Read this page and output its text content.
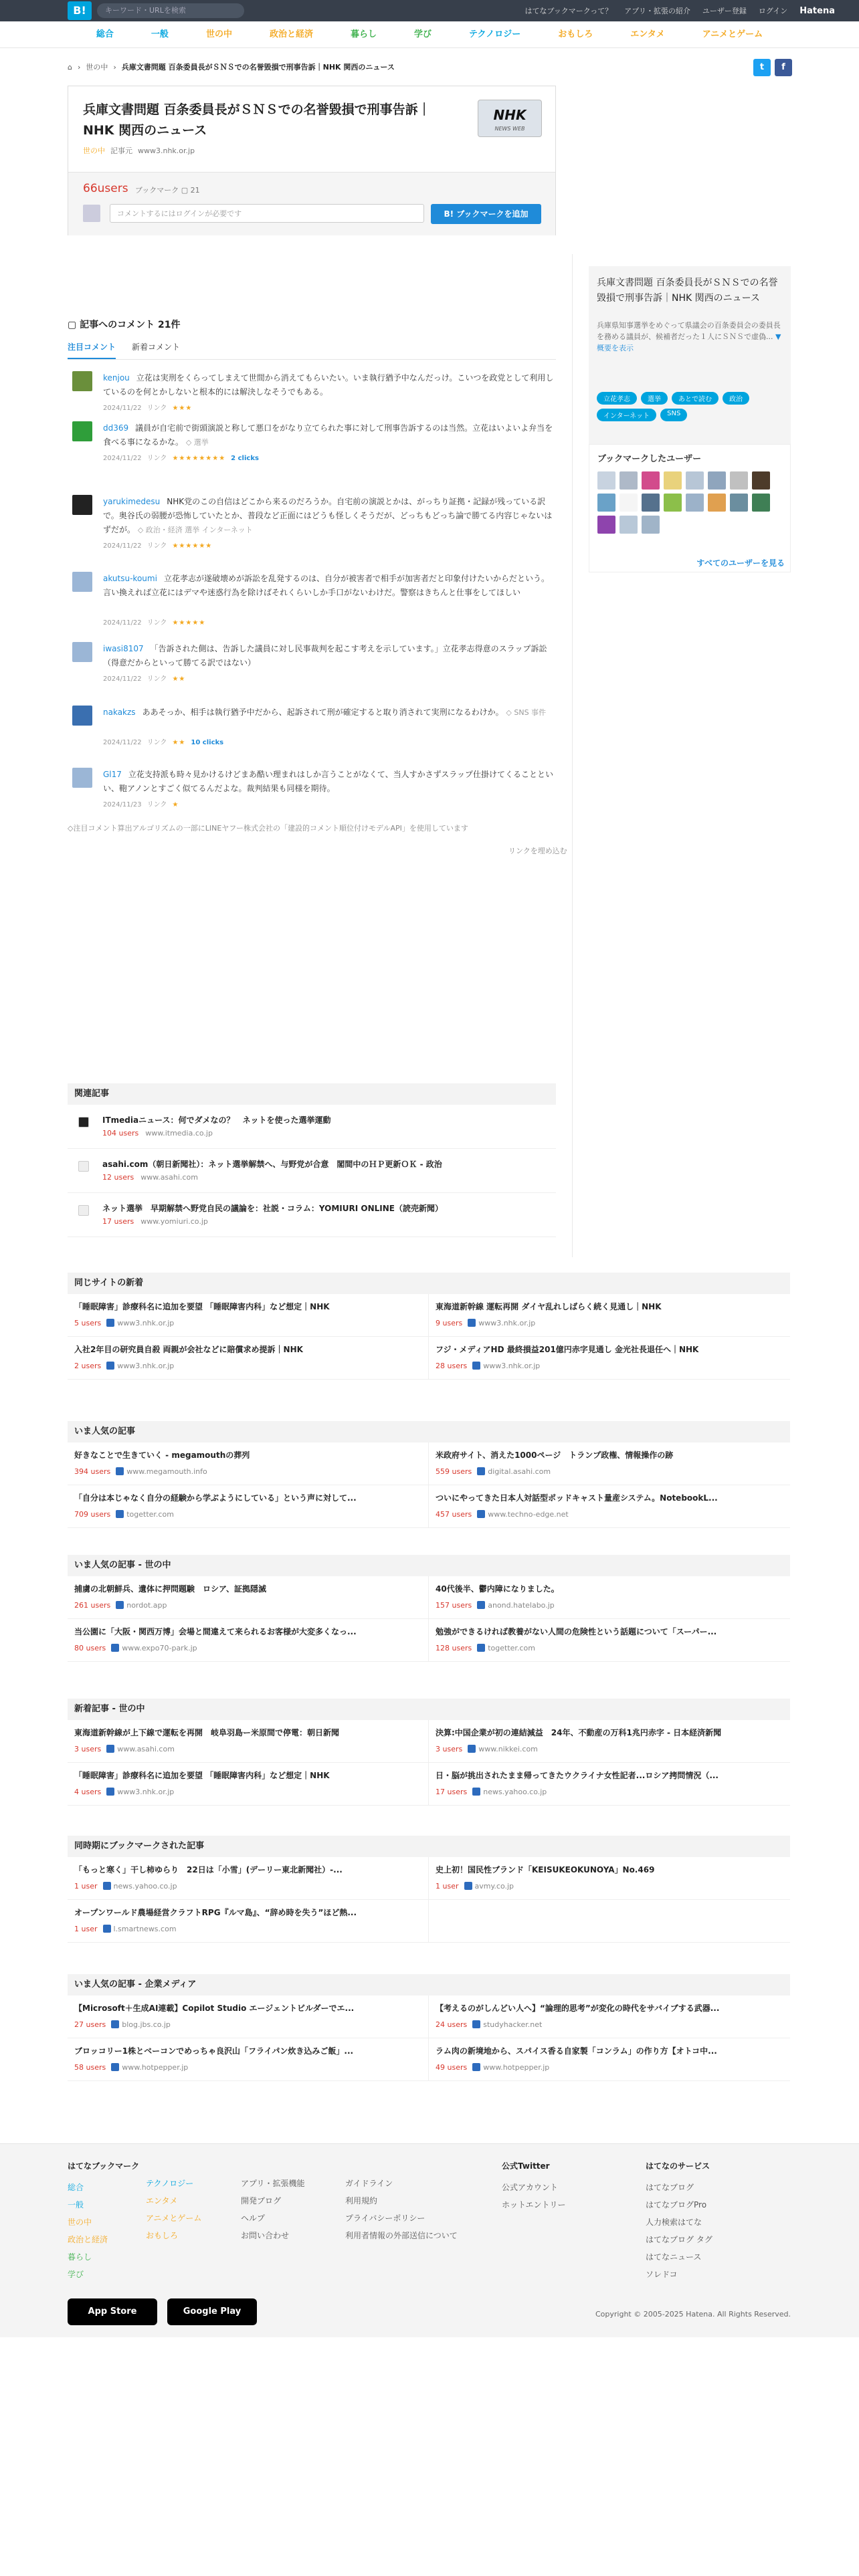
B!	キーワード・URLを検索	はてなブックマークって？ アプリ・拡張の紹介 ユーザー登録 ログイン Hatena
総合	一般	世の中	政治と経済	暮らし	学び	テクノロジー	おもしろ	エンタメ	アニメとゲーム
⌂ › 世の中 › 兵庫文書問題 百条委員長がＳＮＳでの名誉毀損で刑事告訴｜NHK 関西のニュース	t	f
兵庫文書問題 百条委員長がＳＮＳでの名誉毀損で刑事告訴｜NHK 関西のニュース
NHK
NEWS WEB
世の中 記事元 www3.nhk.or.jp
66users ブックマーク ▢ 21
コメントするにはログインが必要です	B! ブックマークを追加
兵庫文書問題 百条委員長がＳＮＳでの名誉毀損で刑事告訴｜NHK 関西のニュース
兵庫県知事選挙をめぐって県議会の百条委員会の委員長を務める議員が、候補者だった１人にＳＮＳで虚偽... ▼ 概要を表示
立花孝志	選挙	あとで読む	政治
インターネット	SNS
ブックマークしたユーザー
すべてのユーザーを見る
▢ 記事へのコメント 21件
注目コメント 新着コメント
kenjou 立花は実刑をくらってしまえて世間から消えてもらいたい。いま執行猶予中なんだっけ。こいつを政党として利用しているのを何とかしないと根本的には解決しなそうでもある。
2024/11/22 リンク ★★★
dd369 議員が自宅前で街頭演説と称して悪口をがなり立てられた事に対して刑事告訴するのは当然。立花はいよいよ弁当を食べる事になるかな。 ◇ 選挙
2024/11/22 リンク ★★★★★★★★ 2 clicks
yarukimedesu NHK党のこの自信はどこから来るのだろうか。自宅前の演説とかは、がっちり証拠・記録が残っている訳で。奥谷氏の弱腰が恐怖していたとか、普段など正面にはどうも怪しくそうだが、どっちもどっち論で勝てる内容じゃないはずだが。 ◇ 政治・経済 選挙 インターネット
2024/11/22 リンク ★★★★★★
akutsu-koumi 立花孝志が遂破壊めが訴訟を乱発するのは、自分が被害者で相手が加害者だと印象付けたいからだという。言い換えれば立花にはデマや迷惑行為を除けばそれくらいしか手口がないわけだ。警察はきちんと仕事をしてほしい
2024/11/22 リンク ★★★★★
iwasi8107 「告訴された側は、告訴した議員に対し民事裁判を起こす考えを示しています。」立花孝志得意のスラップ訴訟（得意だからといって勝てる訳ではない）
2024/11/22 リンク ★★
nakakzs ああそっか、相手は執行猶予中だから、起訴されて刑が確定すると取り消されて実刑になるわけか。 ◇ SNS 事件
2024/11/22 リンク ★★ 10 clicks
Gl17 立花支持派も時々見かけるけどまあ酷い理まれはしか言うことがなくて、当人すかさずスラップ仕掛けてくることといい、鞄アノンとすごく似てるんだよな。裁判結果も同様を期待。
2024/11/23 リンク ★
◇注目コメント算出アルゴリズムの一部にLINEヤフー株式会社の「建設的コメント順位付けモデルAPI」を使用しています
リンクを埋め込む
関連記事
ITmediaニュース：何でダメなの？　ネットを使った選挙運動
104 users www.itmedia.co.jp
asahi.com（朝日新聞社）：ネット選挙解禁へ、与野党が合意　閣間中のＨＰ更新ＯＫ - 政治
12 users www.asahi.com
ネット選挙　早期解禁へ野党自民の議論を：社説・コラム：YOMIURI ONLINE（読売新聞）
17 users www.yomiuri.co.jp
同じサイトの新着
「睡眠障害」診療科名に追加を要望 「睡眠障害内科」など想定｜NHK
5 users www3.nhk.or.jp
東海道新幹線 運転再開 ダイヤ乱れしばらく続く見通し｜NHK
9 users www3.nhk.or.jp
入社2年目の研究員自殺 両親が会社などに賠償求め提訴｜NHK
2 users www3.nhk.or.jp
フジ・メディアHD 最終損益201億円赤字見通し 金光社長退任へ｜NHK
28 users www3.nhk.or.jp
いま人気の記事
好きなことで生きていく - megamouthの葬列
394 users www.megamouth.info
米政府サイト、消えた1000ページ　トランプ政権、情報操作の跡
559 users digital.asahi.com
「自分は本じゃなく自分の経験から学ぶようにしている」という声に対して...
709 users togetter.com
ついにやってきた日本人対話型ポッドキャスト量産システム。NotebookL...
457 users www.techno-edge.net
いま人気の記事 - 世の中
捕虜の北朝鮮兵、遺体に押問題験　ロシア、証拠隠滅
261 users nordot.app
40代後半、鬱内障になりました。
157 users anond.hatelabo.jp
当公園に「大阪・関西万博」会場と間違えて来られるお客様が大変多くなっ...
80 users www.expo70-park.jp
勉強ができるければ教養がない人間の危険性という話題について「スーパー...
128 users togetter.com
新着記事 - 世の中
東海道新幹線が上下線で運転を再開　岐阜羽島ー米原間で停電：朝日新聞
3 users www.asahi.com
決算:中国企業が初の連結減益　24年、不動産の万科1兆円赤字 - 日本経済新聞
3 users www.nikkei.com
「睡眠障害」診療科名に追加を要望 「睡眠障害内科」など想定｜NHK
4 users www3.nhk.or.jp
日・脳が挑出されたまま帰ってきたウクライナ女性記者...ロシア拷問情況（...
17 users news.yahoo.co.jp
同時期にブックマークされた記事
「もっと寒く」干し柿ゆらり　22日は「小雪」(デーリー東北新聞社）-...
1 user news.yahoo.co.jp
史上初！国民性ブランド「KEISUKEOKUNOYA」No.469
1 user avmy.co.jp
オープンワールド農場経営クラフトRPG『ルマ島』、“辞め時を失う”ほど熱...
1 user l.smartnews.com
いま人気の記事 - 企業メディア
【Microsoft＋生成AI連載】Copilot Studio エージェントビルダーでエ...
27 users blog.jbs.co.jp
【考えるのがしんどい人へ】“論理的思考”が変化の時代をサバイブする武器...
24 users studyhacker.net
ブロッコリー1株とベーコンでめっちゃ良沢山「フライパン炊き込みご飯」...
58 users www.hotpepper.jp
ラム肉の新境地から、スパイス香る自家製「コンラム」の作り方【オトコ中...
49 users www.hotpepper.jp
はてなブックマーク
総合
一般
世の中
政治と経済
暮らし
学び
テクノロジー
エンタメ
アニメとゲーム
おもしろ
アプリ・拡張機能
開発ブログ
ヘルプ
お問い合わせ
ガイドライン
利用規約
プライバシーポリシー
利用者情報の外部送信について
公式Twitter
公式アカウント
ホットエントリー
はてなのサービス
はてなブログ
はてなブログPro
人力検索はてな
はてなブログ タグ
はてなニュース
ソレドコ
App Store	Google Play	Copyright © 2005-2025 Hatena. All Rights Reserved.
